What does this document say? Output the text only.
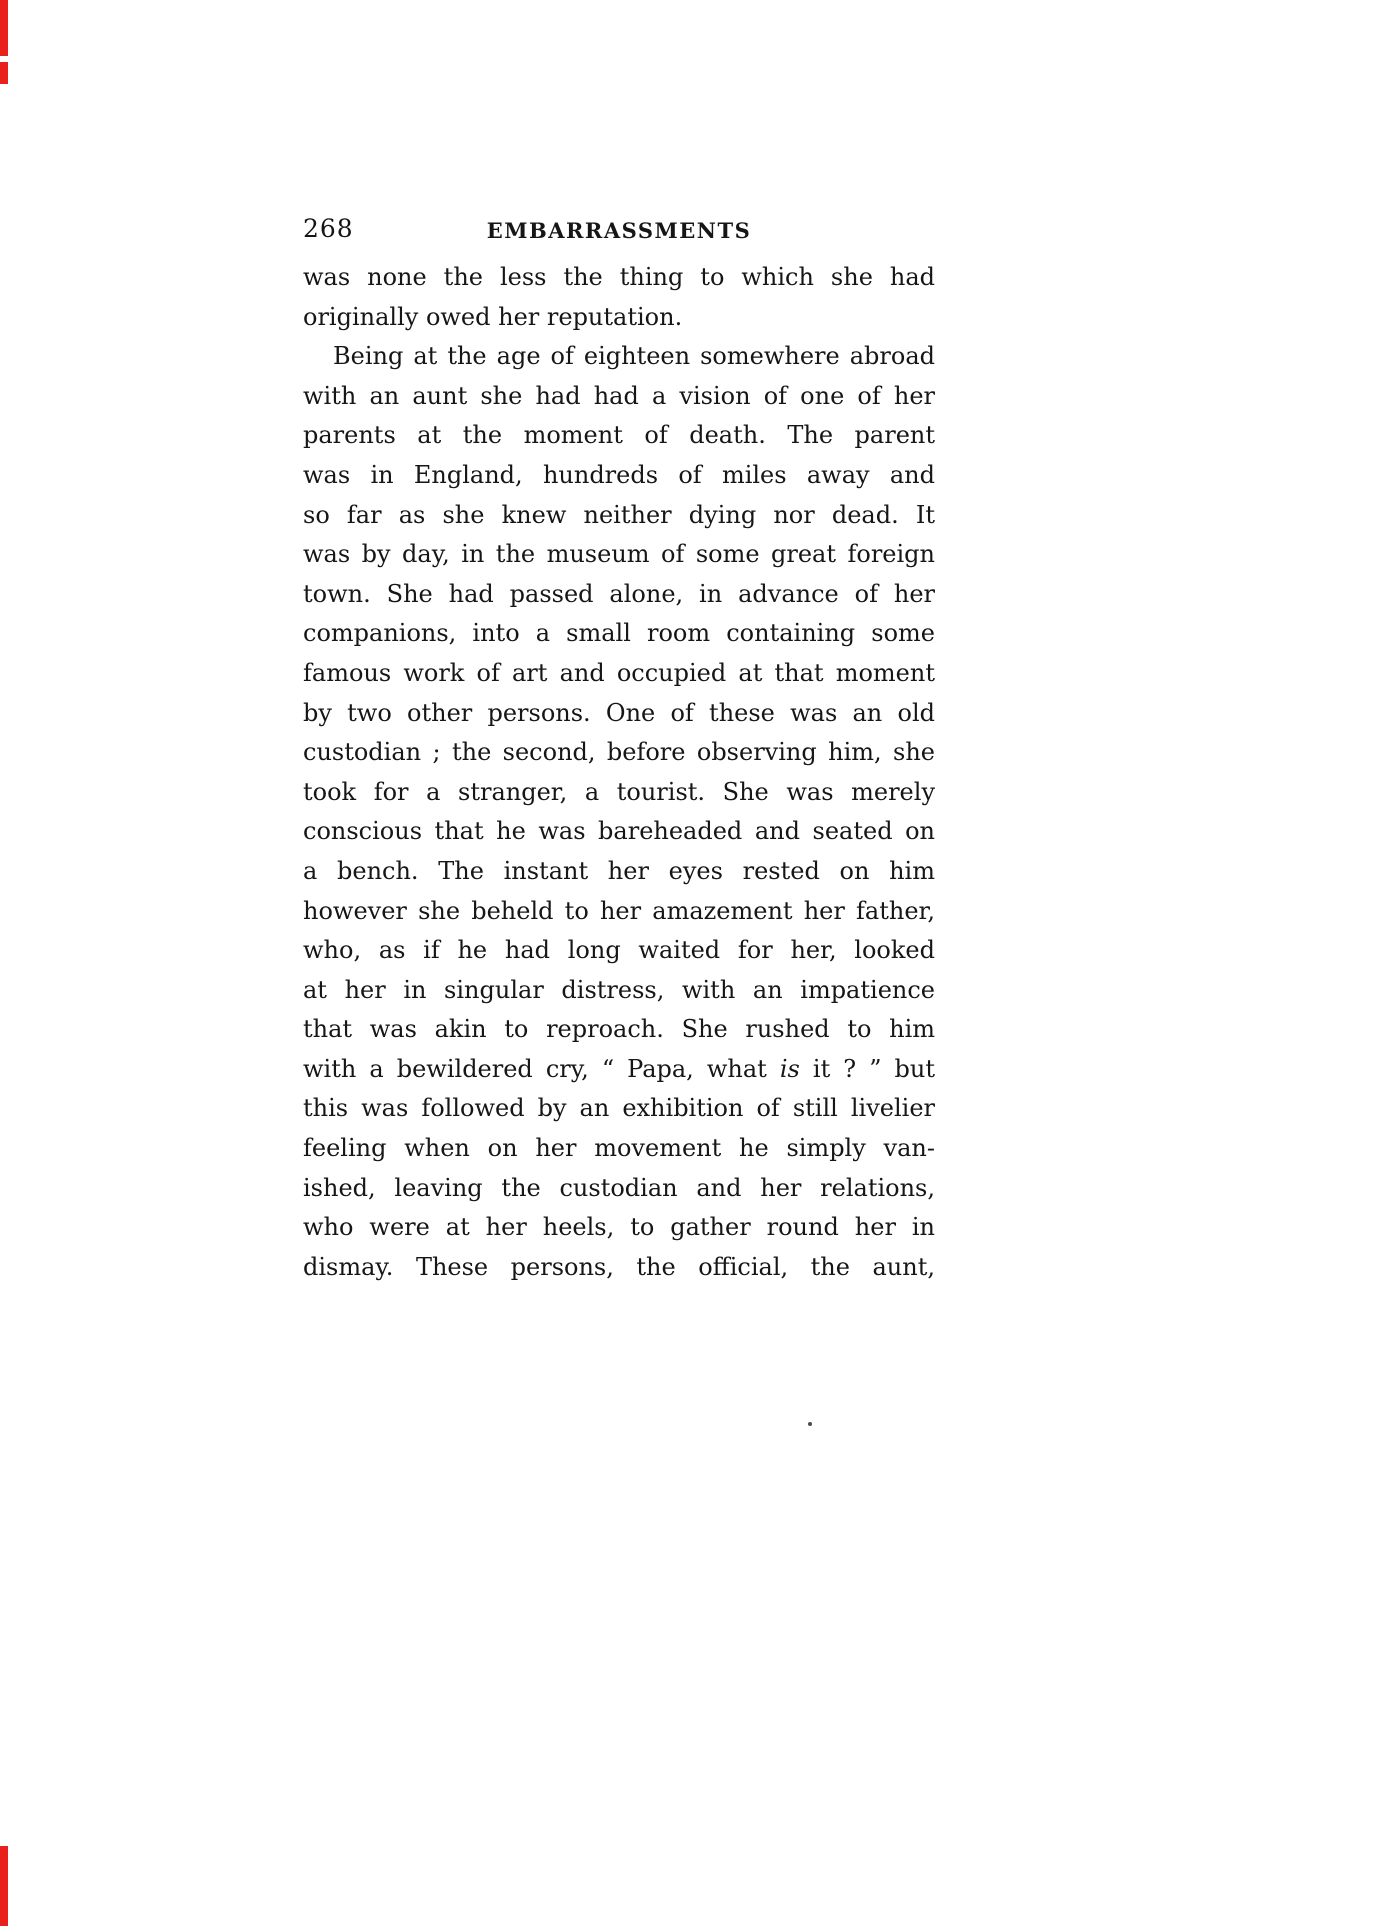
268	EMBARRASSMENTS
was none the less the thing to which she had
originally owed her reputation.
Being at the age of eighteen somewhere abroad
with an aunt she had had a vision of one of her
parents at the moment of death. The parent
was in England, hundreds of miles away and
so far as she knew neither dying nor dead. It
was by day, in the museum of some great foreign
town. She had passed alone, in advance of her
companions, into a small room containing some
famous work of art and occupied at that moment
by two other persons. One of these was an old
custodian ; the second, before observing him, she
took for a stranger, a tourist. She was merely
conscious that he was bareheaded and seated on
a bench. The instant her eyes rested on him
however she beheld to her amazement her father,
who, as if he had long waited for her, looked
at her in singular distress, with an impatience
that was akin to reproach. She rushed to him
with a bewildered cry, “ Papa, what is it ? ” but
this was followed by an exhibition of still livelier
feeling when on her movement he simply van-
ished, leaving the custodian and her relations,
who were at her heels, to gather round her in
dismay. These persons, the official, the aunt,
